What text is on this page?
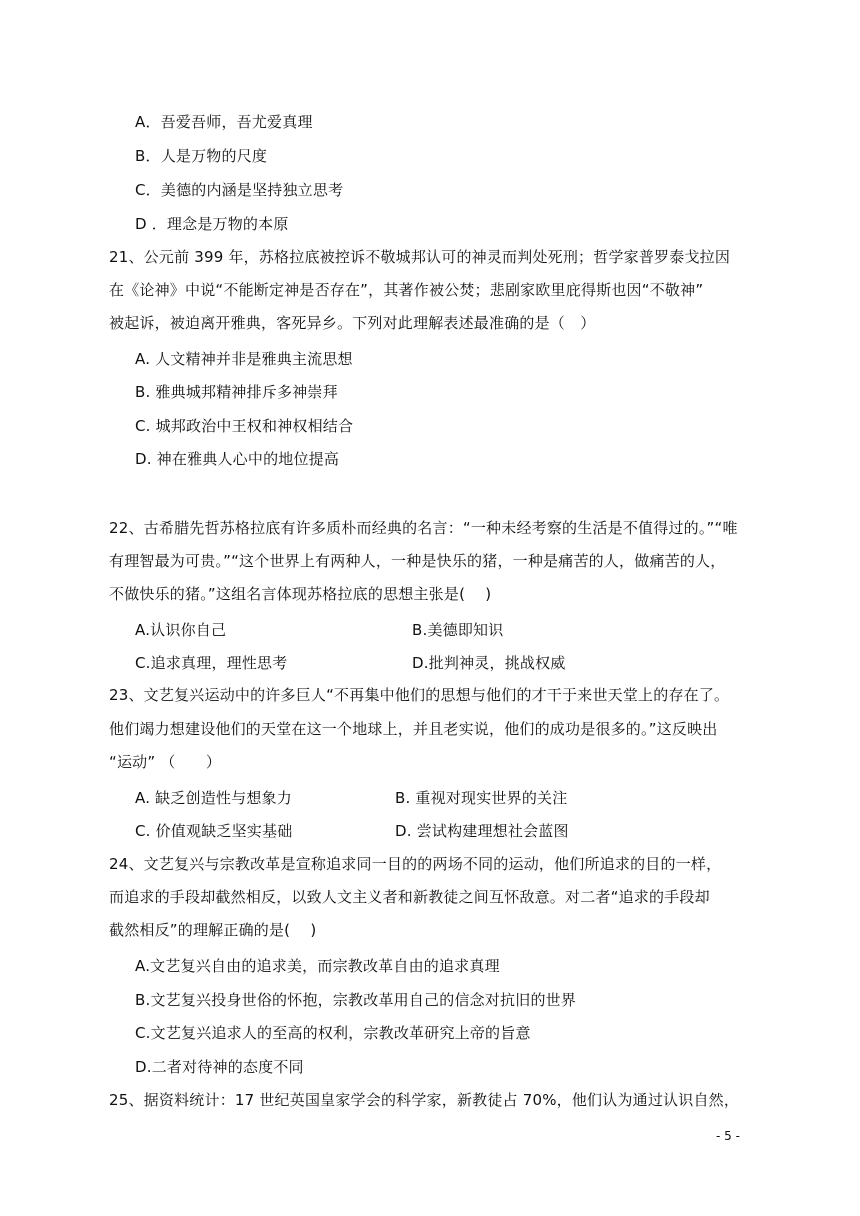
A．吾爱吾师，吾尤爱真理
B．人是万物的尺度
C．美德的内涵是坚持独立思考
D ．理念是万物的本原
21、公元前 399 年，苏格拉底被控诉不敬城邦认可的神灵而判处死刑；哲学家普罗泰戈拉因
在《论神》中说“不能断定神是否存在”，其著作被公焚；悲剧家欧里庇得斯也因“不敬神”
被起诉，被迫离开雅典，客死异乡。下列对此理解表述最准确的是（　）
A. 人文精神并非是雅典主流思想
B. 雅典城邦精神排斥多神崇拜
C. 城邦政治中王权和神权相结合
D. 神在雅典人心中的地位提高
22、古希腊先哲苏格拉底有许多质朴而经典的名言：“一种未经考察的生活是不值得过的。”“唯
有理智最为可贵。”“这个世界上有两种人，一种是快乐的猪，一种是痛苦的人，做痛苦的人，
不做快乐的猪。”这组名言体现苏格拉底的思想主张是(　 )
A.认识你自己	B.美德即知识
C.追求真理，理性思考	D.批判神灵，挑战权威
23、文艺复兴运动中的许多巨人“不再集中他们的思想与他们的才干于来世天堂上的存在了。
他们竭力想建设他们的天堂在这一个地球上，并且老实说，他们的成功是很多的。”这反映出
“运动” （　　）
A. 缺乏创造性与想象力	B. 重视对现实世界的关注
C. 价值观缺乏坚实基础	D. 尝试构建理想社会蓝图
24、文艺复兴与宗教改革是宣称追求同一目的的两场不同的运动，他们所追求的目的一样，
而追求的手段却截然相反，以致人文主义者和新教徒之间互怀敌意。对二者“追求的手段却
截然相反”的理解正确的是(　 )
A.文艺复兴自由的追求美，而宗教改革自由的追求真理
B.文艺复兴投身世俗的怀抱，宗教改革用自己的信念对抗旧的世界
C.文艺复兴追求人的至高的权利，宗教改革研究上帝的旨意
D.二者对待神的态度不同
25、据资料统计：17 世纪英国皇家学会的科学家，新教徒占 70%，他们认为通过认识自然，
- 5 -
